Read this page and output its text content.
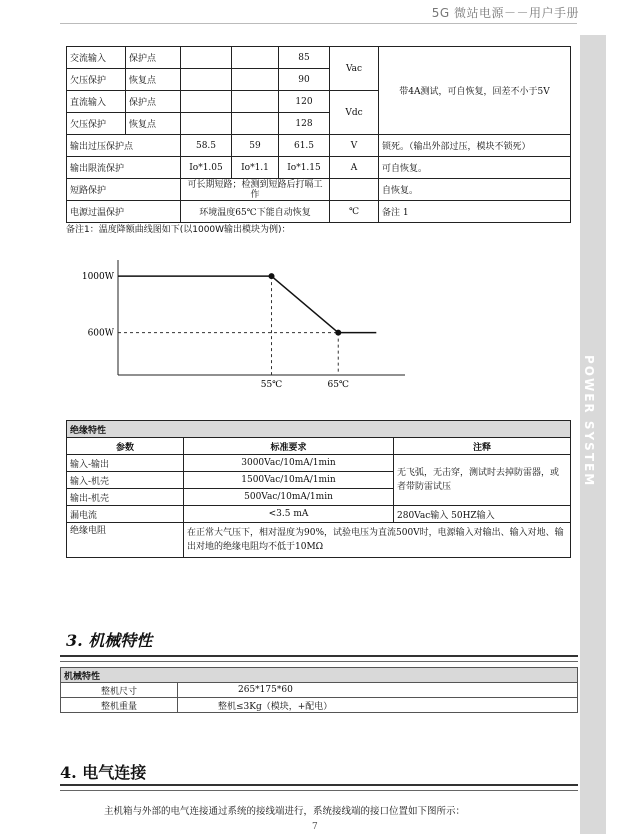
5G 微站电源－－用户手册
POWER SYSTEM
交流输入	保护点			85	Vac	带4A测试，可自恢复，回差不小于5V
欠压保护	恢复点			90		
直流输入	保护点			120	Vdc	
欠压保护	恢复点			128		
输出过压保护点		58.5	59	61.5	V	锁死。（输出外部过压，模块不锁死）
输出限流保护		Io*1.05	Io*1.1	Io*1.15	A	可自恢复。
短路保护		可长期短路；检测到短路后打嗝工作				自恢复。
电源过温保护		环境温度65℃下能自动恢复			℃	备注 1
备注1：温度降额曲线图如下(以1000W输出模块为例)：
1000W
600W
55℃	65℃
绝缘特性		
参数	标准要求	注释
输入-输出	3000Vac/10mA/1min	无飞弧，无击穿，测试时去掉防雷器，或者带防雷试压
输入-机壳	1500Vac/10mA/1min	
输出-机壳	500Vac/10mA/1min	
漏电流	<3.5 mA	280Vac输入 50HZ输入
绝缘电阻	在正常大气压下，相对湿度为90%，试验电压为直流500V时，电源输入对输出、输入对地、输出对地的绝缘电阻均不低于10MΩ	
3. 机械特性
机械特性	
整机尺寸	265*175*60
整机重量	整机≤3Kg（模块，+配电）
4. 电气连接
主机箱与外部的电气连接通过系统的接线端进行，系统接线端的接口位置如下图所示：
7
